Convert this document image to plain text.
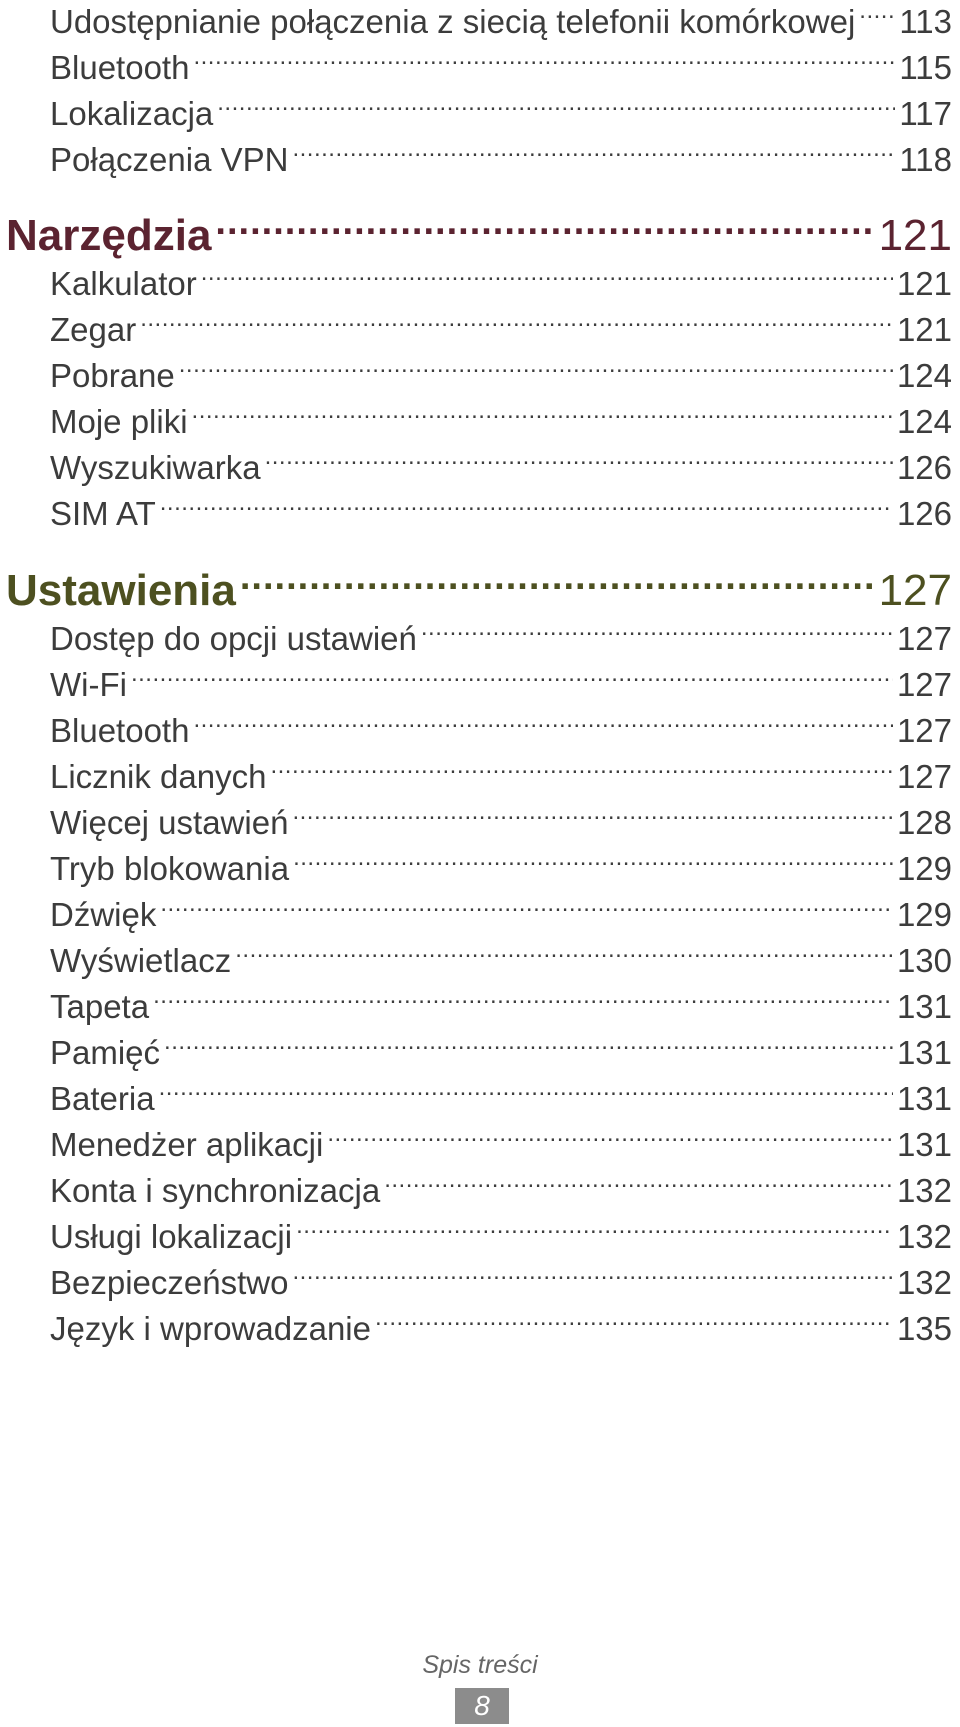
Udostępnianie połączenia z siecią telefonii komórkowej ..... 113
Bluetooth .....	115
Lokalizacja .....	117
Połączenia VPN .....	118
Narzędzia .....	121
Kalkulator .....	121
Zegar .....	121
Pobrane .....	124
Moje pliki .....	124
Wyszukiwarka .....	126
SIM AT .....	126
Ustawienia .....	127
Dostęp do opcji ustawień .....	127
Wi-Fi .....	127
Bluetooth .....	127
Licznik danych .....	127
Więcej ustawień .....	128
Tryb blokowania .....	129
Dźwięk .....	129
Wyświetlacz .....	130
Tapeta .....	131
Pamięć .....	131
Bateria .....	131
Menedżer aplikacji .....	131
Konta i synchronizacja .....	132
Usługi lokalizacji .....	132
Bezpieczeństwo .....	132
Język i wprowadzanie .....	135
Spis treści
8
